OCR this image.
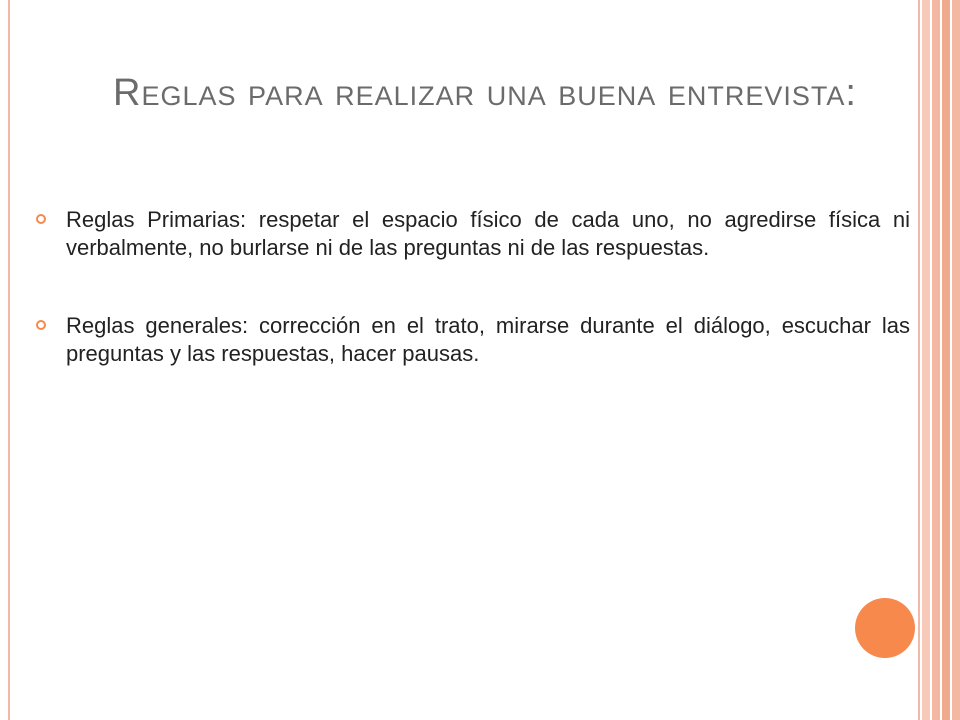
Reglas para realizar una buena entrevista:
Reglas Primarias: respetar el espacio físico de cada uno, no agredirse física ni verbalmente, no burlarse ni de las preguntas ni de las respuestas.
Reglas generales: corrección en el trato, mirarse durante el diálogo, escuchar las preguntas y las respuestas, hacer pausas.
